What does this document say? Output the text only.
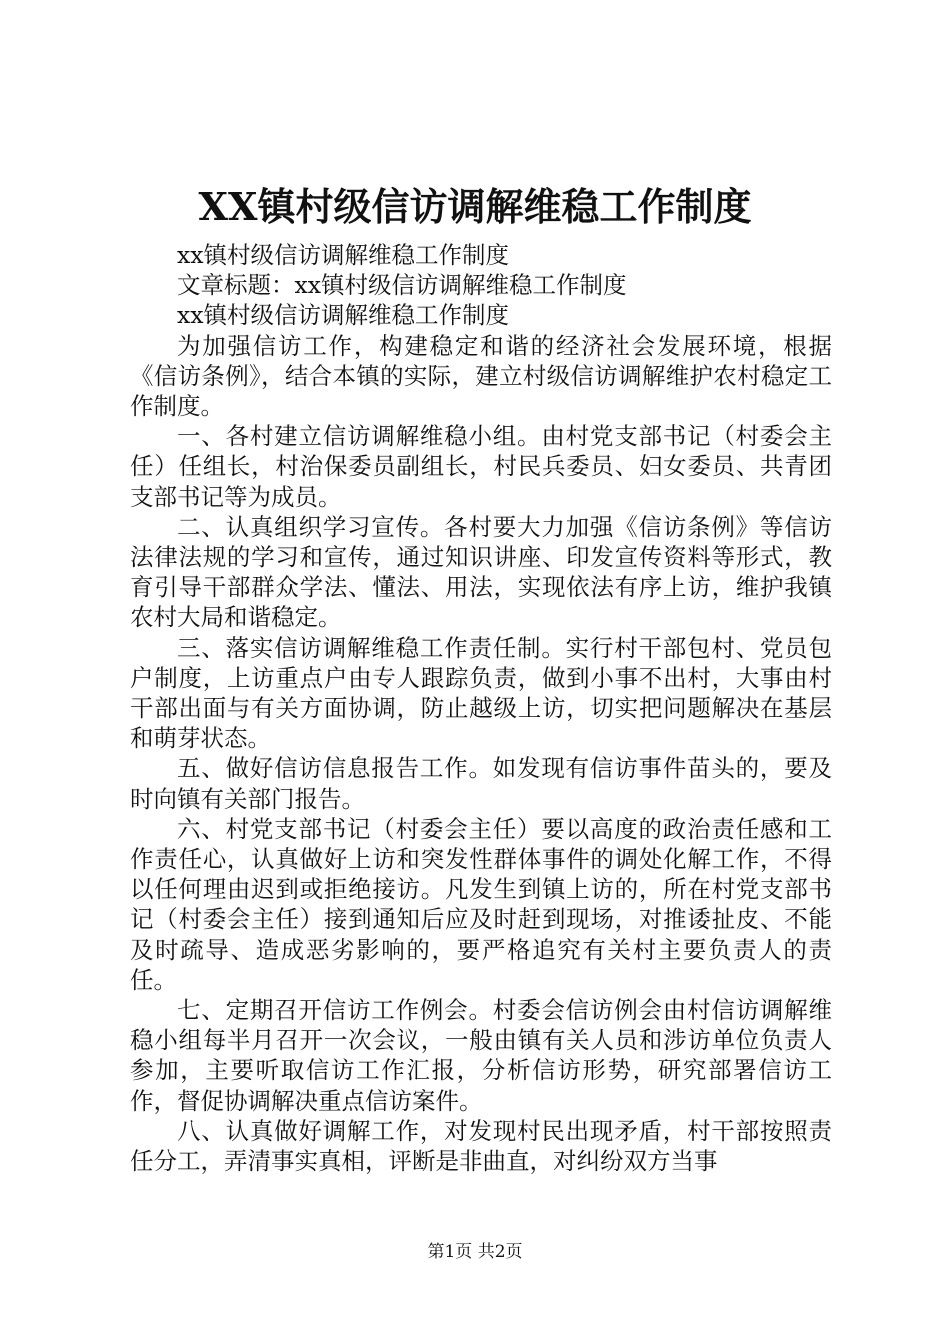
XX镇村级信访调解维稳工作制度

xx镇村级信访调解维稳工作制度

文章标题：xx镇村级信访调解维稳工作制度

xx镇村级信访调解维稳工作制度

为加强信访工作，构建稳定和谐的经济社会发展环境，根据《信访条例》，结合本镇的实际，建立村级信访调解维护农村稳定工作制度。

一、各村建立信访调解维稳小组。由村党支部书记（村委会主任）任组长，村治保委员副组长，村民兵委员、妇女委员、共青团支部书记等为成员。

二、认真组织学习宣传。各村要大力加强《信访条例》等信访法律法规的学习和宣传，通过知识讲座、印发宣传资料等形式，教育引导干部群众学法、懂法、用法，实现依法有序上访，维护我镇农村大局和谐稳定。

三、落实信访调解维稳工作责任制。实行村干部包村、党员包户制度，上访重点户由专人跟踪负责，做到小事不出村，大事由村干部出面与有关方面协调，防止越级上访，切实把问题解决在基层和萌芽状态。

五、做好信访信息报告工作。如发现有信访事件苗头的，要及时向镇有关部门报告。

六、村党支部书记（村委会主任）要以高度的政治责任感和工作责任心，认真做好上访和突发性群体事件的调处化解工作，不得以任何理由迟到或拒绝接访。凡发生到镇上访的，所在村党支部书记（村委会主任）接到通知后应及时赶到现场，对推诿扯皮、不能及时疏导、造成恶劣影响的，要严格追究有关村主要负责人的责任。

七、定期召开信访工作例会。村委会信访例会由村信访调解维稳小组每半月召开一次会议，一般由镇有关人员和涉访单位负责人参加，主要听取信访工作汇报，分析信访形势，研究部署信访工作，督促协调解决重点信访案件。

八、认真做好调解工作，对发现村民出现矛盾，村干部按照责任分工，弄清事实真相，评断是非曲直，对纠纷双方当事

第1页 共2页
